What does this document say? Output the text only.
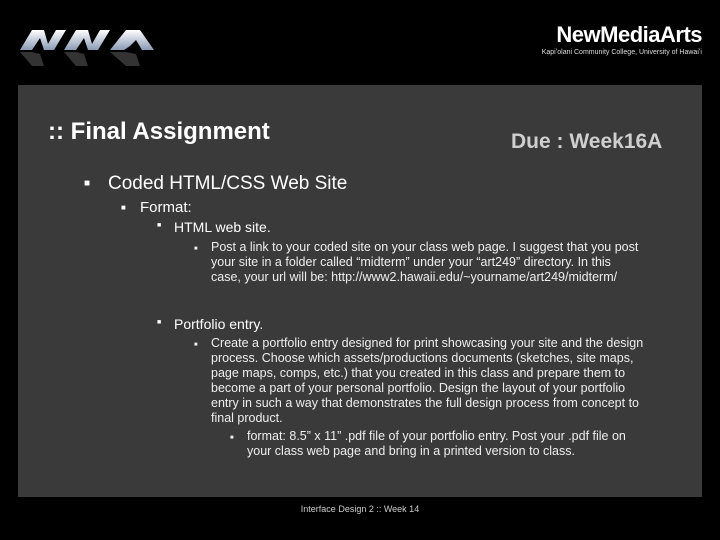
NewMediaArts
Kapiʻolani Community College, University of Hawaiʻi
:: Final Assignment	Due : Week16A
■ Coded HTML/CSS Web Site
■ Format:
■ HTML web site.
■ Post a link to your coded site on your class web page. I suggest that you post your site in a folder called “midterm” under your “art249” directory. In this case, your url will be: http://www2.hawaii.edu/~yourname/art249/midterm/
■ Portfolio entry.
■ Create a portfolio entry designed for print showcasing your site and the design process. Choose which assets/productions documents (sketches, site maps, page maps, comps, etc.) that you created in this class and prepare them to become a part of your personal portfolio. Design the layout of your portfolio entry in such a way that demonstrates the full design process from concept to final product.
■ format: 8.5” x 11” .pdf file of your portfolio entry. Post your .pdf file on your class web page and bring in a printed version to class.
Interface Design 2 :: Week 14
